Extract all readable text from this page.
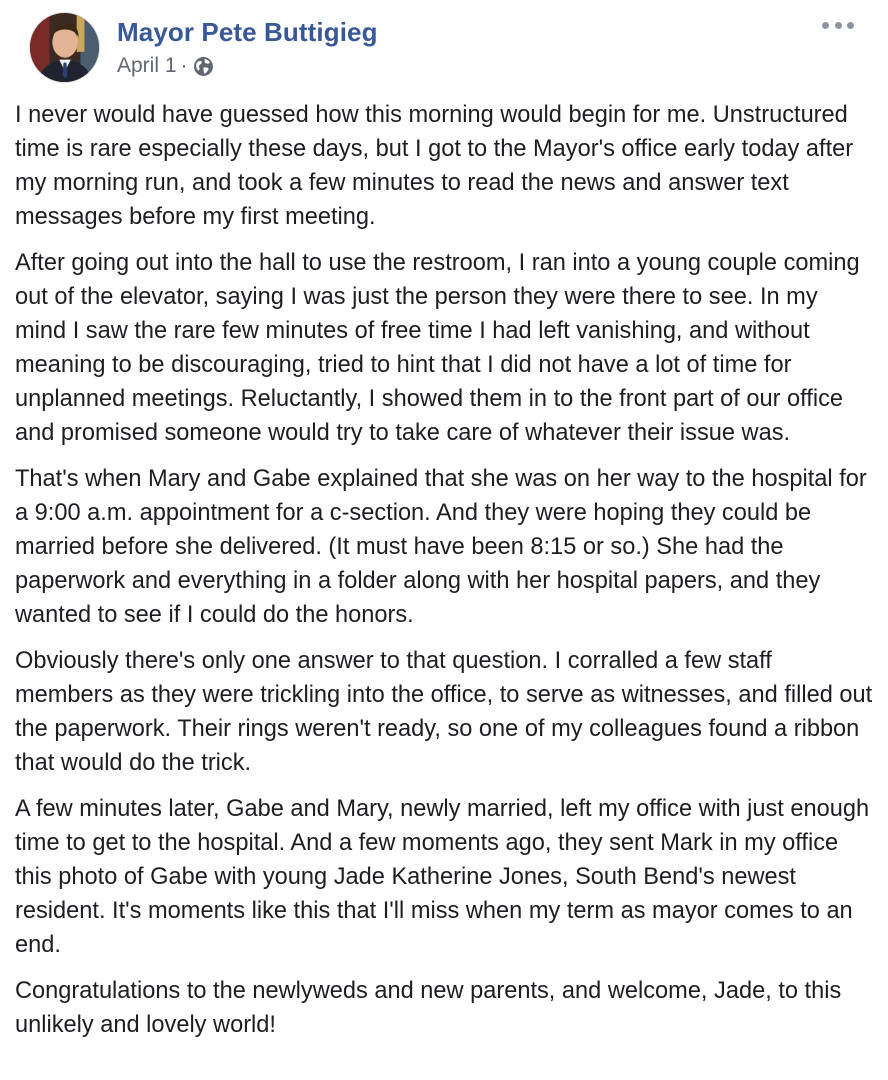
Mayor Pete Buttigieg
April 1 ·

I never would have guessed how this morning would begin for me. Unstructured time is rare especially these days, but I got to the Mayor's office early today after my morning run, and took a few minutes to read the news and answer text messages before my first meeting.

After going out into the hall to use the restroom, I ran into a young couple coming out of the elevator, saying I was just the person they were there to see. In my mind I saw the rare few minutes of free time I had left vanishing, and without meaning to be discouraging, tried to hint that I did not have a lot of time for unplanned meetings. Reluctantly, I showed them in to the front part of our office and promised someone would try to take care of whatever their issue was.

That's when Mary and Gabe explained that she was on her way to the hospital for a 9:00 a.m. appointment for a c-section. And they were hoping they could be married before she delivered. (It must have been 8:15 or so.) She had the paperwork and everything in a folder along with her hospital papers, and they wanted to see if I could do the honors.

Obviously there's only one answer to that question. I corralled a few staff members as they were trickling into the office, to serve as witnesses, and filled out the paperwork. Their rings weren't ready, so one of my colleagues found a ribbon that would do the trick.

A few minutes later, Gabe and Mary, newly married, left my office with just enough time to get to the hospital. And a few moments ago, they sent Mark in my office this photo of Gabe with young Jade Katherine Jones, South Bend's newest resident. It's moments like this that I'll miss when my term as mayor comes to an end.

Congratulations to the newlyweds and new parents, and welcome, Jade, to this unlikely and lovely world!
